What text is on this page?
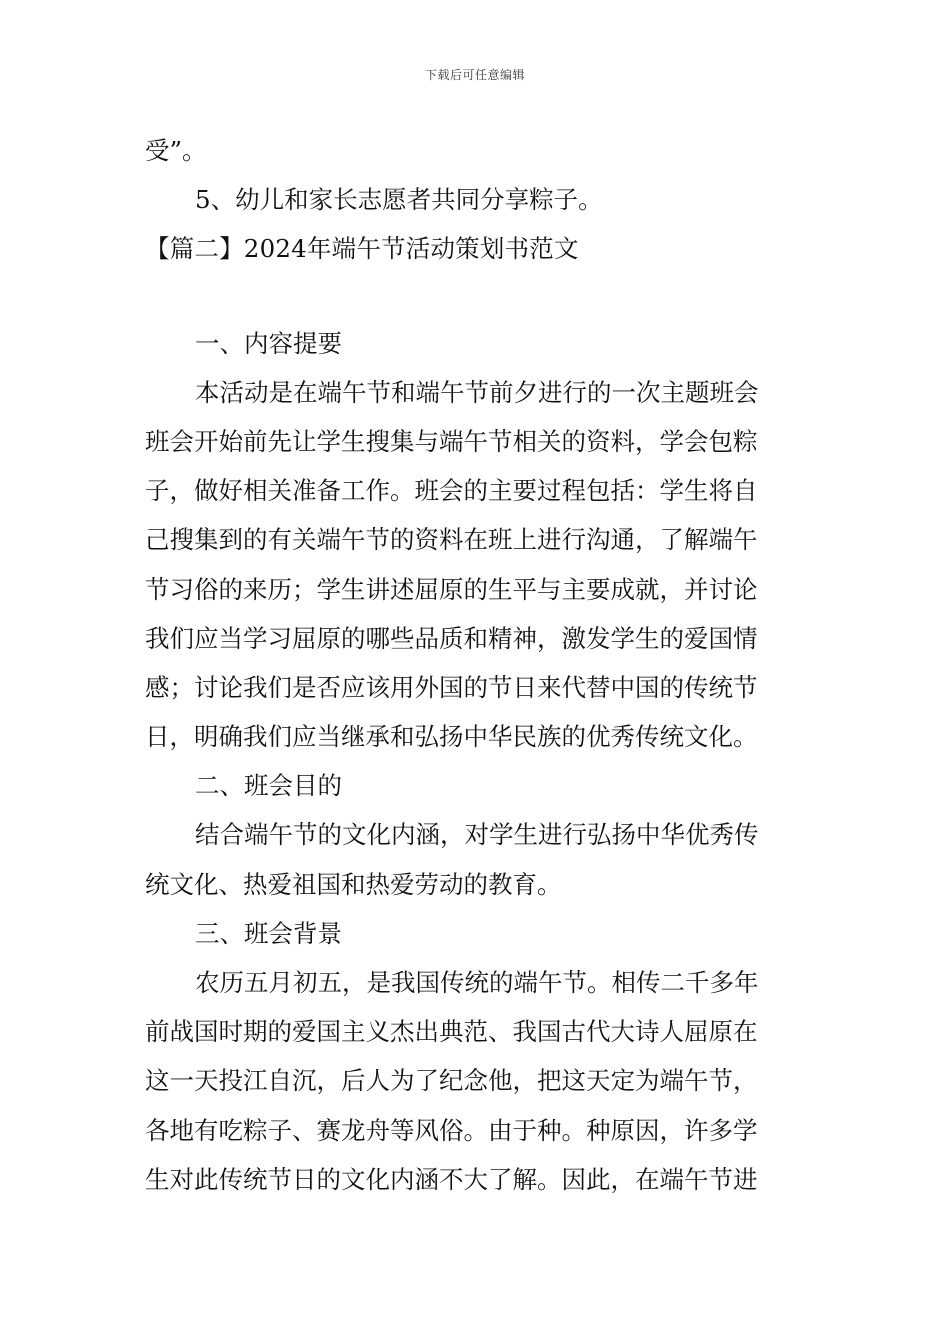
下载后可任意编辑
受”。
5、幼儿和家长志愿者共同分享粽子。
【篇二】2024年端午节活动策划书范文
一、内容提要
本活动是在端午节和端午节前夕进行的一次主题班会
班会开始前先让学生搜集与端午节相关的资料，学会包粽
子，做好相关准备工作。班会的主要过程包括：学生将自
己搜集到的有关端午节的资料在班上进行沟通，了解端午
节习俗的来历；学生讲述屈原的生平与主要成就，并讨论
我们应当学习屈原的哪些品质和精神，激发学生的爱国情
感；讨论我们是否应该用外国的节日来代替中国的传统节
日，明确我们应当继承和弘扬中华民族的优秀传统文化。
二、班会目的
结合端午节的文化内涵，对学生进行弘扬中华优秀传
统文化、热爱祖国和热爱劳动的教育。
三、班会背景
农历五月初五，是我国传统的端午节。相传二千多年
前战国时期的爱国主义杰出典范、我国古代大诗人屈原在
这一天投江自沉，后人为了纪念他，把这天定为端午节，
各地有吃粽子、赛龙舟等风俗。由于种。种原因，许多学
生对此传统节日的文化内涵不大了解。因此，在端午节进
